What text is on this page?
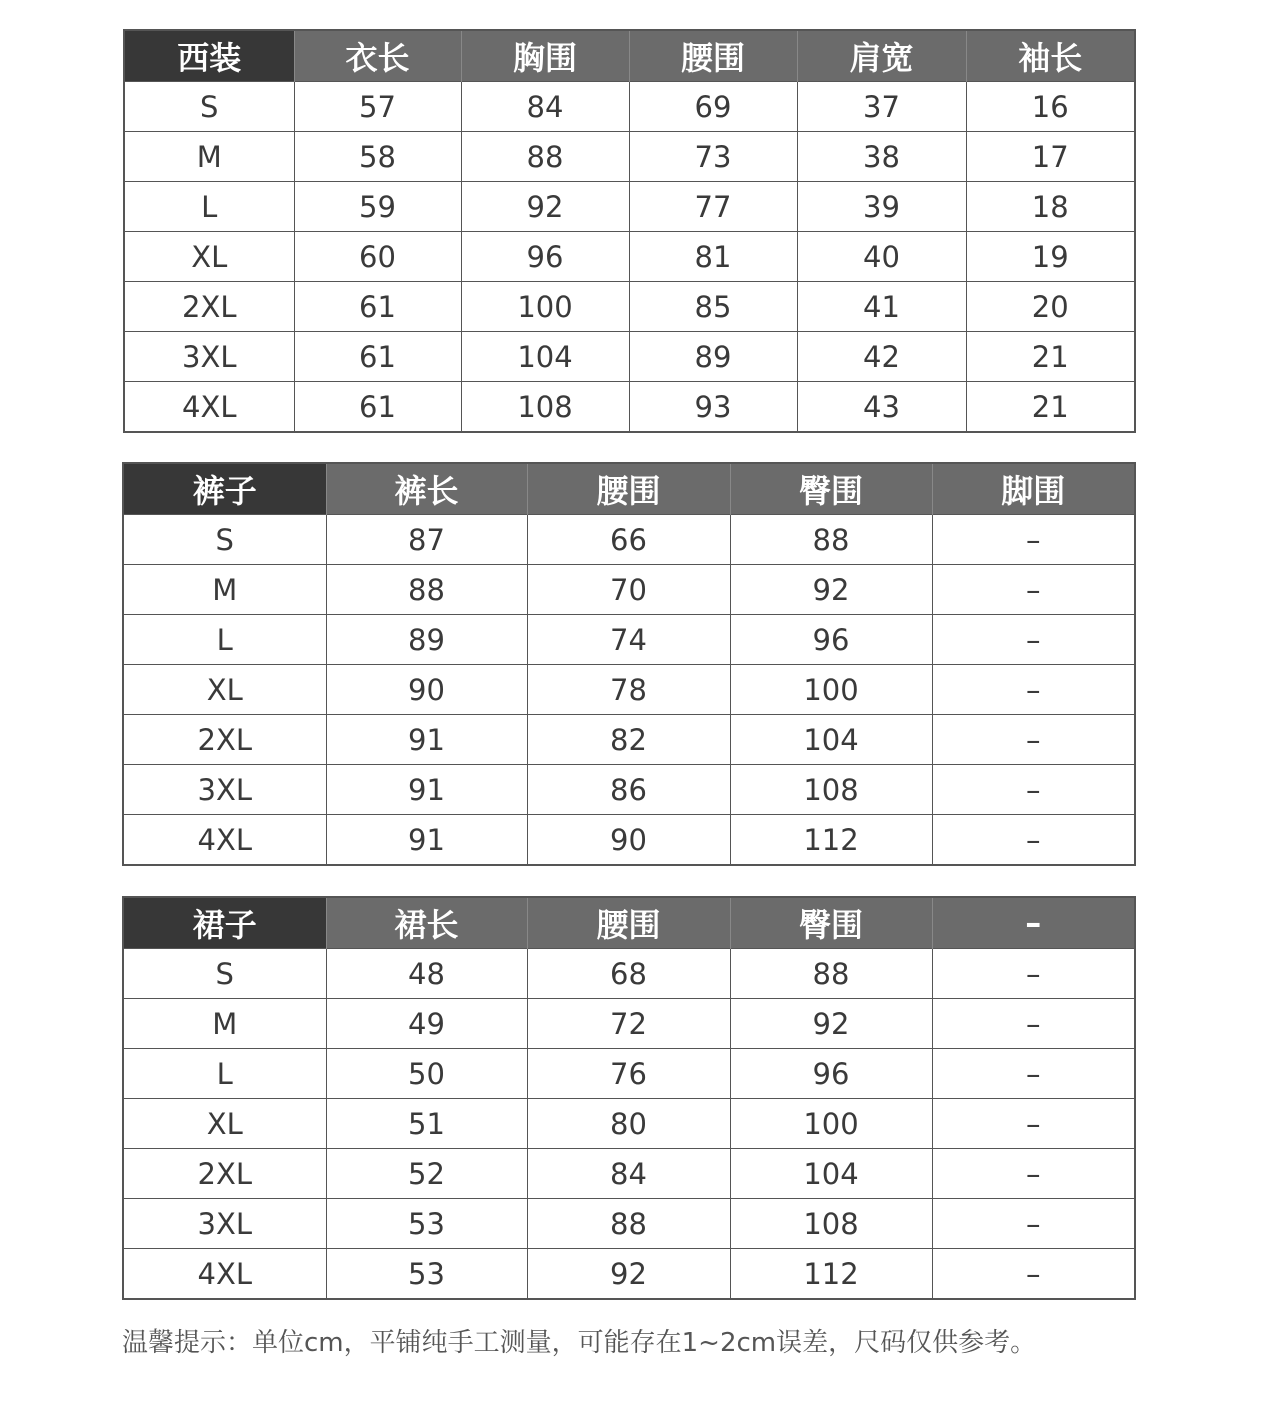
西装	衣长	胸围	腰围	肩宽	袖长
S	57	84	69	37	16
M	58	88	73	38	17
L	59	92	77	39	18
XL	60	96	81	40	19
2XL	61	100	85	41	20
3XL	61	104	89	42	21
4XL	61	108	93	43	21
裤子	裤长	腰围	臀围	脚围
S	87	66	88	–
M	88	70	92	–
L	89	74	96	–
XL	90	78	100	–
2XL	91	82	104	–
3XL	91	86	108	–
4XL	91	90	112	–
裙子	裙长	腰围	臀围	–
S	48	68	88	–
M	49	72	92	–
L	50	76	96	–
XL	51	80	100	–
2XL	52	84	104	–
3XL	53	88	108	–
4XL	53	92	112	–
温馨提示：单位cm，平铺纯手工测量，可能存在1~2cm误差，尺码仅供参考。
